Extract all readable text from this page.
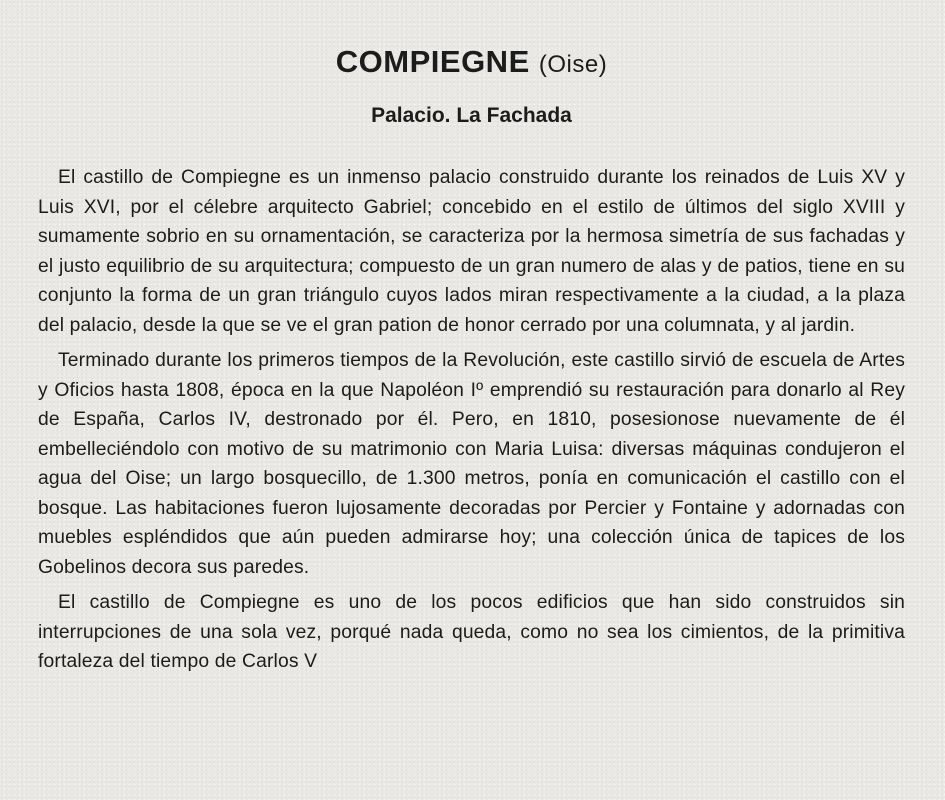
COMPIEGNE (Oise)
Palacio. La Fachada

El castillo de Compiegne es un inmenso palacio construido durante los reinados de Luis XV y Luis XVI, por el célebre arquitecto Gabriel; concebido en el estilo de últimos del siglo XVIII y sumamente sobrio en su ornamentación, se caracteriza por la hermosa simetría de sus fachadas y el justo equilibrio de su arquitectura; compuesto de un gran numero de alas y de patios, tiene en su conjunto la forma de un gran triángulo cuyos lados miran respectivamente a la ciudad, a la plaza del palacio, desde la que se ve el gran pation de honor cerrado por una columnata, y al jardin.

Terminado durante los primeros tiempos de la Revolución, este castillo sirvió de escuela de Artes y Oficios hasta 1808, época en la que Napoléon Iº emprendió su restauración para donarlo al Rey de España, Carlos IV, destronado por él. Pero, en 1810, posesionose nuevamente de él embelleciéndolo con motivo de su matrimonio con Maria Luisa: diversas máquinas condujeron el agua del Oise; un largo bosquecillo, de 1.300 metros, ponía en comunicación el castillo con el bosque. Las habitaciones fueron lujosamente decoradas por Percier y Fontaine y adornadas con muebles espléndidos que aún pueden admirarse hoy; una colección única de tapices de los Gobelinos decora sus paredes.

El castillo de Compiegne es uno de los pocos edificios que han sido construidos sin interrupciones de una sola vez, porqué nada queda, como no sea los cimientos, de la primitiva fortaleza del tiempo de Carlos V
